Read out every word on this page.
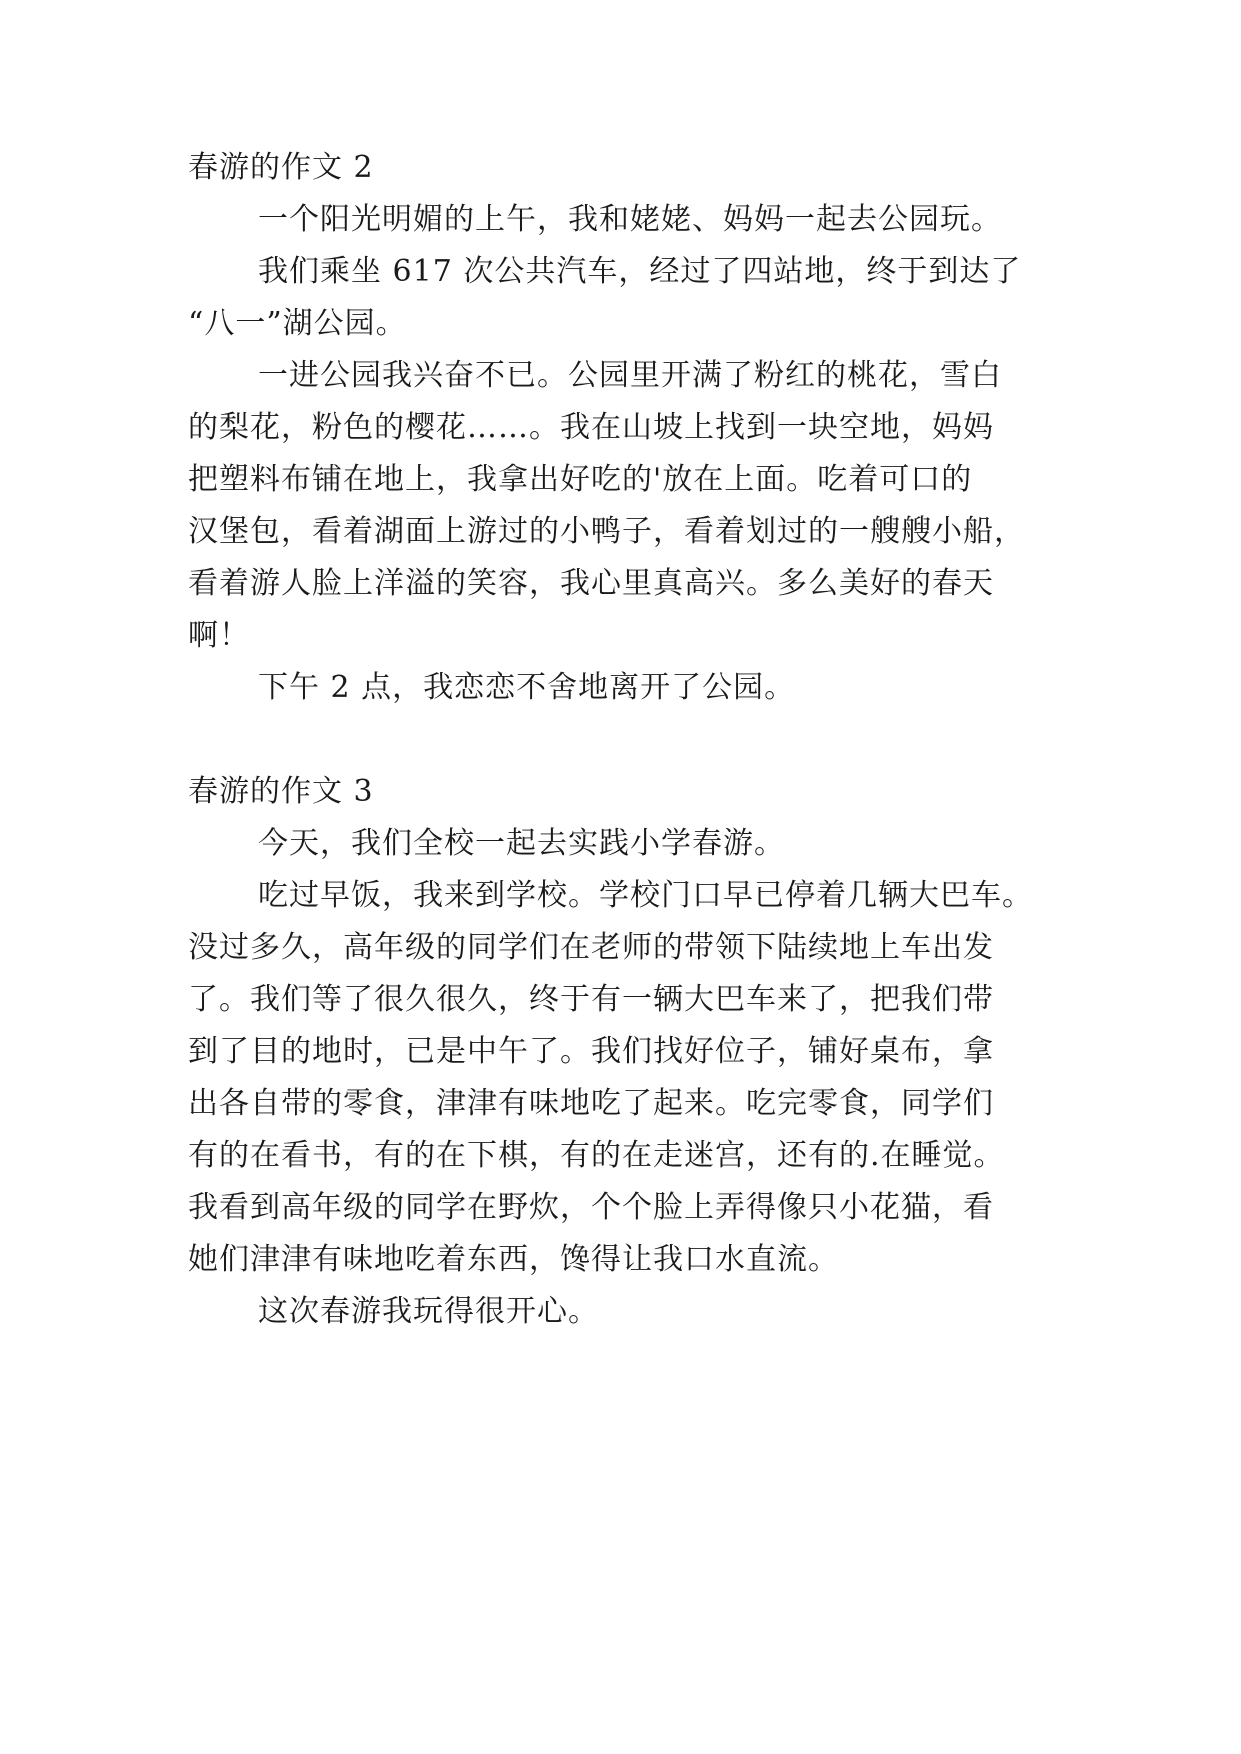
春游的作文 2
一个阳光明媚的上午，我和姥姥、妈妈一起去公园玩。
我们乘坐 617 次公共汽车，经过了四站地，终于到达了
“八一”湖公园。
一进公园我兴奋不已。公园里开满了粉红的桃花，雪白
的梨花，粉色的樱花……。我在山坡上找到一块空地，妈妈
把塑料布铺在地上，我拿出好吃的'放在上面。吃着可口的
汉堡包，看着湖面上游过的小鸭子，看着划过的一艘艘小船，
看着游人脸上洋溢的笑容，我心里真高兴。多么美好的春天
啊！
下午 2 点，我恋恋不舍地离开了公园。
春游的作文 3
今天，我们全校一起去实践小学春游。
吃过早饭，我来到学校。学校门口早已停着几辆大巴车。
没过多久，高年级的同学们在老师的带领下陆续地上车出发
了。我们等了很久很久，终于有一辆大巴车来了，把我们带
到了目的地时，已是中午了。我们找好位子，铺好桌布，拿
出各自带的零食，津津有味地吃了起来。吃完零食，同学们
有的在看书，有的在下棋，有的在走迷宫，还有的.在睡觉。
我看到高年级的同学在野炊，个个脸上弄得像只小花猫，看
她们津津有味地吃着东西，馋得让我口水直流。
这次春游我玩得很开心。
